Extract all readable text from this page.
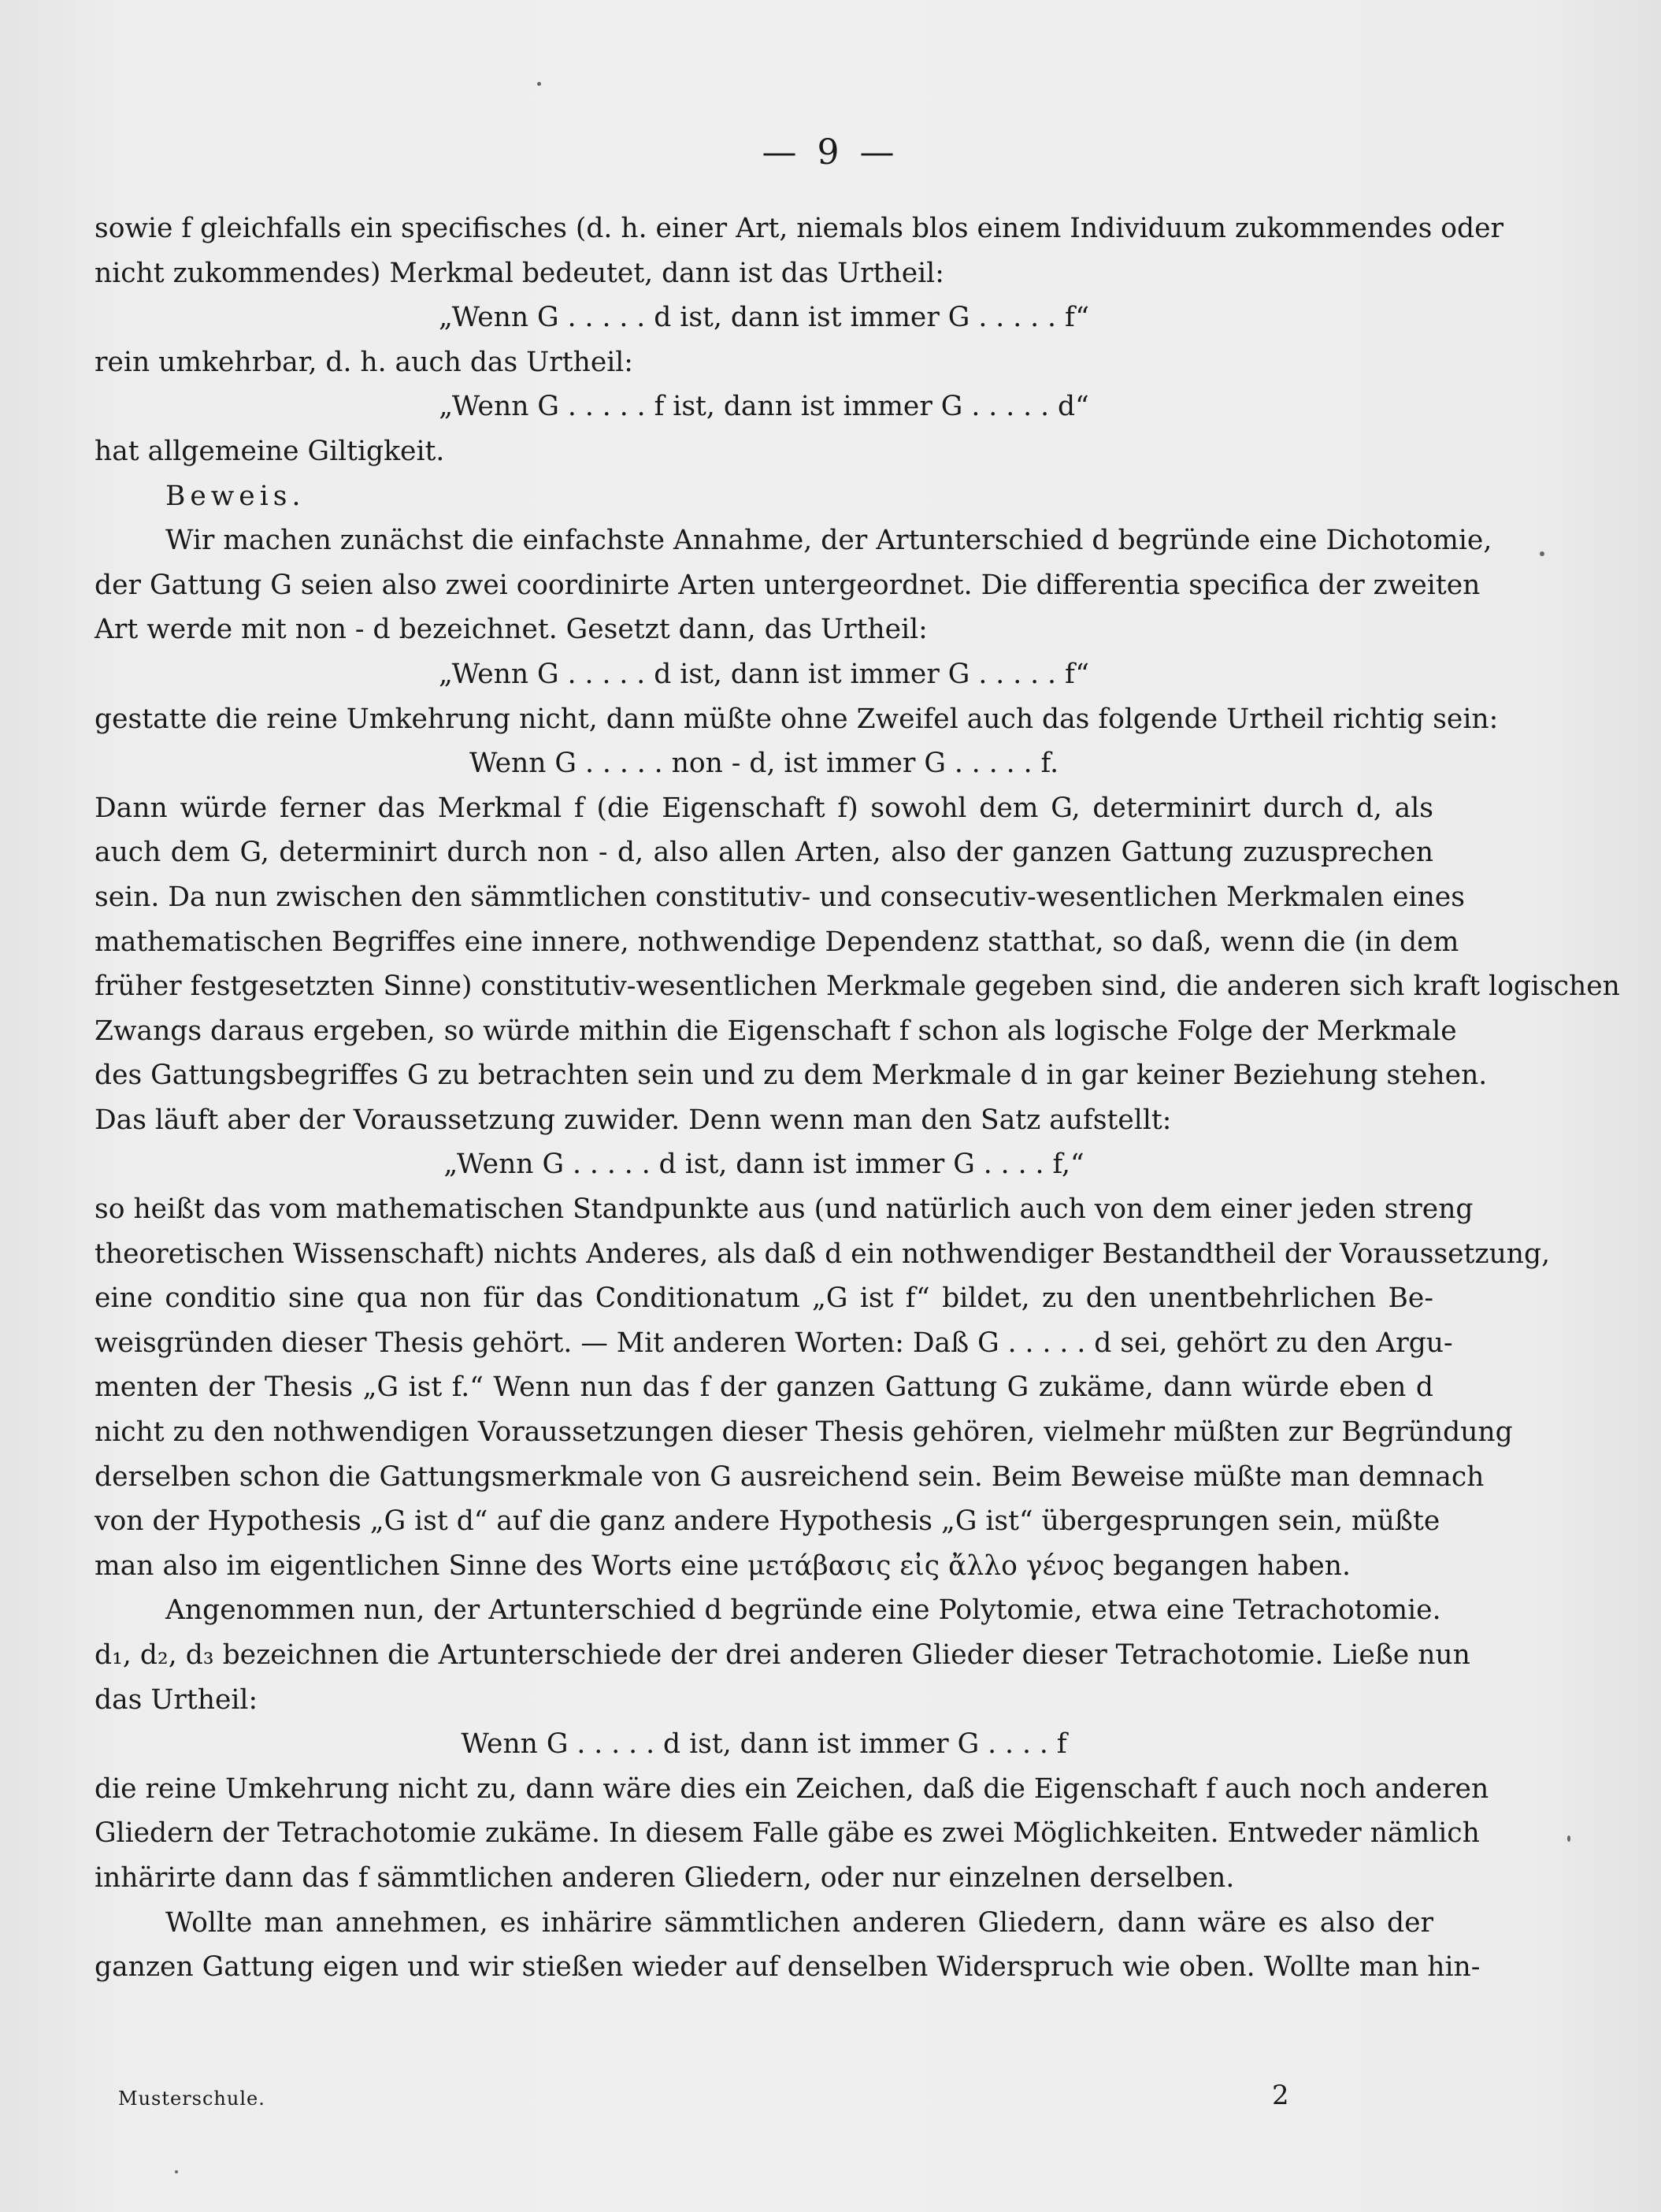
— 9 —
sowie f gleichfalls ein specifisches (d. h. einer Art, niemals blos einem Individuum zukommendes oder
nicht zukommendes) Merkmal bedeutet, dann ist das Urtheil:
„Wenn G . . . . . d ist, dann ist immer G . . . . . f“
rein umkehrbar, d. h. auch das Urtheil:
„Wenn G . . . . . f ist, dann ist immer G . . . . . d“
hat allgemeine Giltigkeit.
Beweis.
Wir machen zunächst die einfachste Annahme, der Artunterschied d begründe eine Dichotomie,
der Gattung G seien also zwei coordinirte Arten untergeordnet. Die differentia specifica der zweiten
Art werde mit non - d bezeichnet. Gesetzt dann, das Urtheil:
„Wenn G . . . . . d ist, dann ist immer G . . . . . f“
gestatte die reine Umkehrung nicht, dann müßte ohne Zweifel auch das folgende Urtheil richtig sein:
Wenn G . . . . . non - d, ist immer G . . . . . f.
Dann würde ferner das Merkmal f (die Eigenschaft f) sowohl dem G, determinirt durch d, als
auch dem G, determinirt durch non - d, also allen Arten, also der ganzen Gattung zuzusprechen
sein. Da nun zwischen den sämmtlichen constitutiv- und consecutiv-wesentlichen Merkmalen eines
mathematischen Begriffes eine innere, nothwendige Dependenz statthat, so daß, wenn die (in dem
früher festgesetzten Sinne) constitutiv-wesentlichen Merkmale gegeben sind, die anderen sich kraft logischen
Zwangs daraus ergeben, so würde mithin die Eigenschaft f schon als logische Folge der Merkmale
des Gattungsbegriffes G zu betrachten sein und zu dem Merkmale d in gar keiner Beziehung stehen.
Das läuft aber der Voraussetzung zuwider. Denn wenn man den Satz aufstellt:
„Wenn G . . . . . d ist, dann ist immer G . . . . f,“
so heißt das vom mathematischen Standpunkte aus (und natürlich auch von dem einer jeden streng
theoretischen Wissenschaft) nichts Anderes, als daß d ein nothwendiger Bestandtheil der Voraussetzung,
eine conditio sine qua non für das Conditionatum „G ist f“ bildet, zu den unentbehrlichen Be-
weisgründen dieser Thesis gehört. — Mit anderen Worten: Daß G . . . . . d sei, gehört zu den Argu-
menten der Thesis „G ist f.“ Wenn nun das f der ganzen Gattung G zukäme, dann würde eben d
nicht zu den nothwendigen Voraussetzungen dieser Thesis gehören, vielmehr müßten zur Begründung
derselben schon die Gattungsmerkmale von G ausreichend sein. Beim Beweise müßte man demnach
von der Hypothesis „G ist d“ auf die ganz andere Hypothesis „G ist“ übergesprungen sein, müßte
man also im eigentlichen Sinne des Worts eine μετάβασις εἰς ἄλλο γένος begangen haben.
Angenommen nun, der Artunterschied d begründe eine Polytomie, etwa eine Tetrachotomie.
d₁, d₂, d₃ bezeichnen die Artunterschiede der drei anderen Glieder dieser Tetrachotomie. Ließe nun
das Urtheil:
Wenn G . . . . . d ist, dann ist immer G . . . . f
die reine Umkehrung nicht zu, dann wäre dies ein Zeichen, daß die Eigenschaft f auch noch anderen
Gliedern der Tetrachotomie zukäme. In diesem Falle gäbe es zwei Möglichkeiten. Entweder nämlich
inhärirte dann das f sämmtlichen anderen Gliedern, oder nur einzelnen derselben.
Wollte man annehmen, es inhärire sämmtlichen anderen Gliedern, dann wäre es also der
ganzen Gattung eigen und wir stießen wieder auf denselben Widerspruch wie oben. Wollte man hin-
Musterschule.	2
